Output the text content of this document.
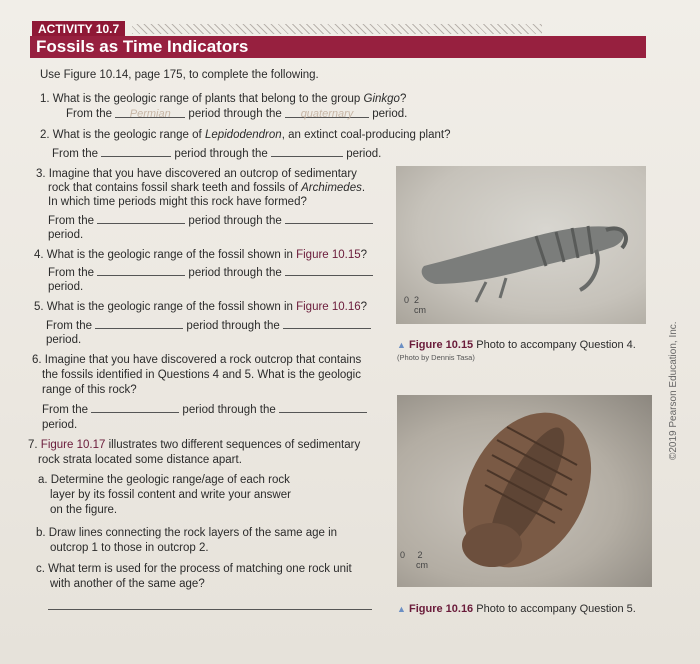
ACTIVITY 10.7
Fossils as Time Indicators
Use Figure 10.14, page 175, to complete the following.
1. What is the geologic range of plants that belong to the group Ginkgo?
From the Permian period through the quaternary period.
2. What is the geologic range of Lepidodendron, an extinct coal-producing plant?
From the	period through the	period.
3. Imagine that you have discovered an outcrop of sedimentary
rock that contains fossil shark teeth and fossils of Archimedes.
In which time periods might this rock have formed?
From the	period through the
period.
4. What is the geologic range of the fossil shown in Figure 10.15?
From the	period through the
period.
5. What is the geologic range of the fossil shown in Figure 10.16?
From the	period through the
period.
6. Imagine that you have discovered a rock outcrop that contains
the fossils identified in Questions 4 and 5. What is the geologic
range of this rock?
From the	period through the
period.
7. Figure 10.17 illustrates two different sequences of sedimentary
rock strata located some distance apart.
a. Determine the geologic range/age of each rock
layer by its fossil content and write your answer
on the figure.
b. Draw lines connecting the rock layers of the same age in
outcrop 1 to those in outcrop 2.
c. What term is used for the process of matching one rock unit
with another of the same age?
0 2
cm
▲ Figure 10.15 Photo to accompany Question 4.
(Photo by Dennis Tasa)
0 2
cm
▲ Figure 10.16 Photo to accompany Question 5.
©2019 Pearson Education, Inc.
